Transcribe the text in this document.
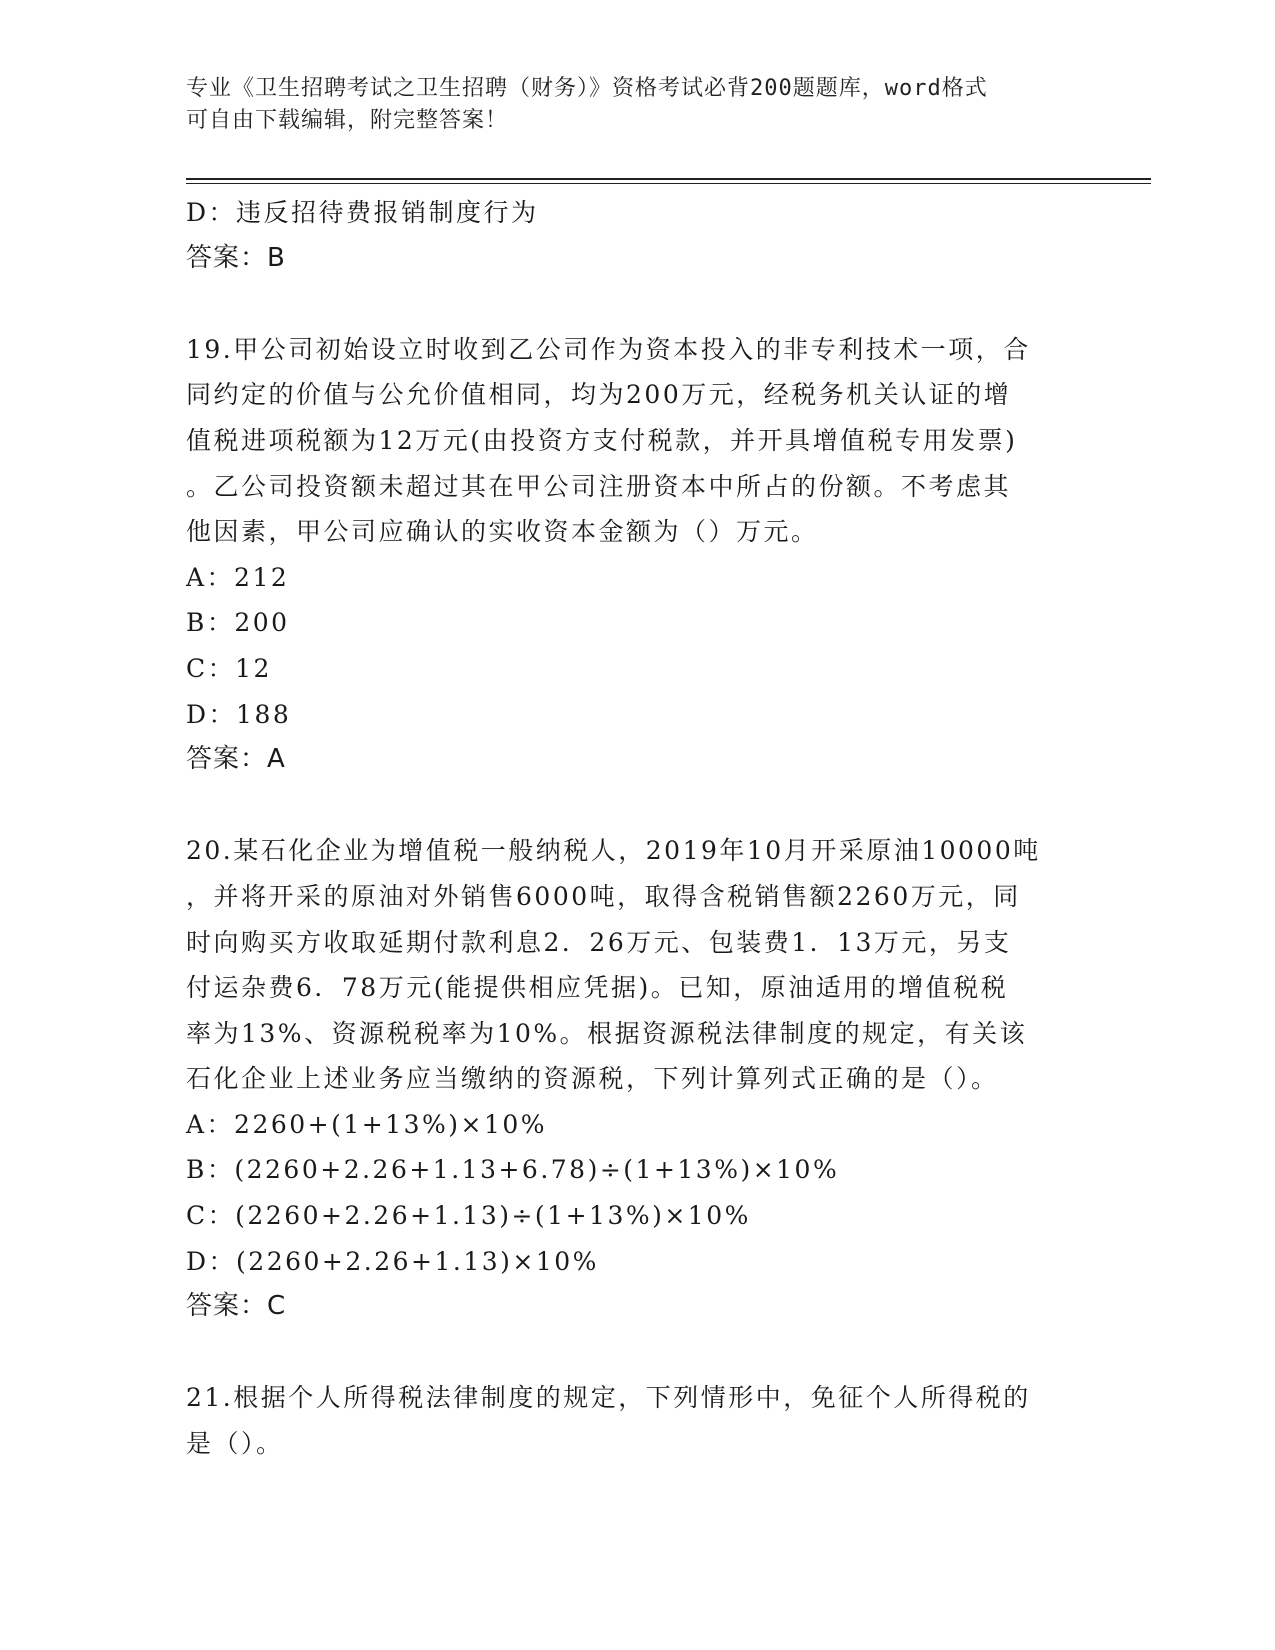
专业《卫生招聘考试之卫生招聘（财务）》资格考试必背200题题库，word格式
可自由下载编辑，附完整答案！
D：违反招待费报销制度行为
答案：B
19.甲公司初始设立时收到乙公司作为资本投入的非专利技术一项，合
同约定的价值与公允价值相同，均为200万元，经税务机关认证的增
值税进项税额为12万元(由投资方支付税款，并开具增值税专用发票)
。乙公司投资额未超过其在甲公司注册资本中所占的份额。不考虑其
他因素，甲公司应确认的实收资本金额为（）万元。
A：212
B：200
C：12
D：188
答案：A
20.某石化企业为增值税一般纳税人，2019年10月开采原油10000吨
，并将开采的原油对外销售6000吨，取得含税销售额2260万元，同
时向购买方收取延期付款利息2．26万元、包装费1．13万元，另支
付运杂费6．78万元(能提供相应凭据)。已知，原油适用的增值税税
率为13%、资源税税率为10%。根据资源税法律制度的规定，有关该
石化企业上述业务应当缴纳的资源税，下列计算列式正确的是（）。
A：2260+(1+13%)×10%
B：(2260+2.26+1.13+6.78)÷(1+13%)×10%
C：(2260+2.26+1.13)÷(1+13%)×10%
D：(2260+2.26+1.13)×10%
答案：C
21.根据个人所得税法律制度的规定，下列情形中，免征个人所得税的
是（）。
